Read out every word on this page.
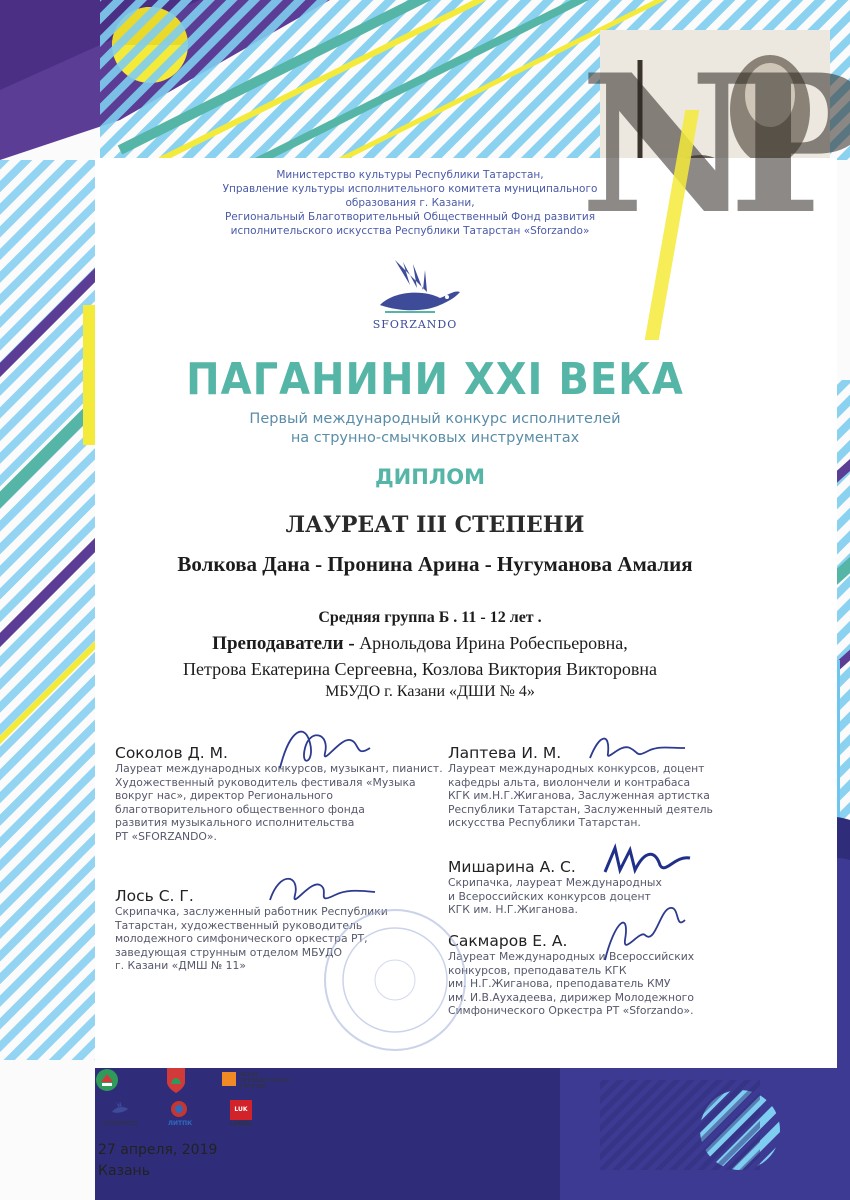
NP
Министерство культуры Республики Татарстан,
Управление культуры исполнительного комитета муниципального
образования г. Казани,
Региональный Благотворительный Общественный Фонд развития
исполнительского искусства Республики Татарстан «Sforzando»
SFORZANDO
ПАГАНИНИ XXI ВЕКА
Первый международный конкурс исполнителей
на струнно-смычковых инструментах
ДИПЛОМ
ЛАУРЕАТ III СТЕПЕНИ
Волкова Дана - Пронина Арина - Нугуманова Амалия
Средняя группа Б . 11 - 12 лет .
Преподаватели - Арнольдова Ирина Робеспьеровна,
Петрова Екатерина Сергеевна, Козлова Виктория Викторовна
МБУДО г. Казани «ДШИ № 4»
Соколов Д. М.
Лауреат международных конкурсов, музыкант, пианист.
Художественный руководитель фестиваля «Музыка
вокруг нас», директор Регионального
благотворительного общественного фонда
развития музыкального исполнительства
РТ «SFORZANDO».
Лось С. Г.
Скрипачка, заслуженный работник Республики
Татарстан, художественный руководитель
молодежного симфонического оркестра РТ,
заведующая струнным отделом МБУДО
г. Казани «ДМШ № 11»
Лаптева И. М.
Лауреат международных конкурсов, доцент
кафедры альта, виолончели и контрабаса
КГК им.Н.Г.Жиганова, Заслуженная артистка
Республики Татарстан, Заслуженный деятель
искусства Республики Татарстан.
Мишарина А. С.
Скрипачка, лауреат Международных
и Всероссийских конкурсов доцент
КГК им. Н.Г.Жиганова.
Сакмаров Е. А.
Лауреат Международных и Всероссийских
конкурсов, преподаватель КГК
им. Н.Г.Жиганова, преподаватель КМУ
им. И.В.Аухадеева, дирижер Молодежного
Симфонического Оркестра РТ «Sforzando».
ФОНД ПРЕЗИДЕНТСКИХ ГРАНТОВ
SFORZANDO	ЛИТПК
LUK
LUKOIL
27 апреля, 2019
Казань
